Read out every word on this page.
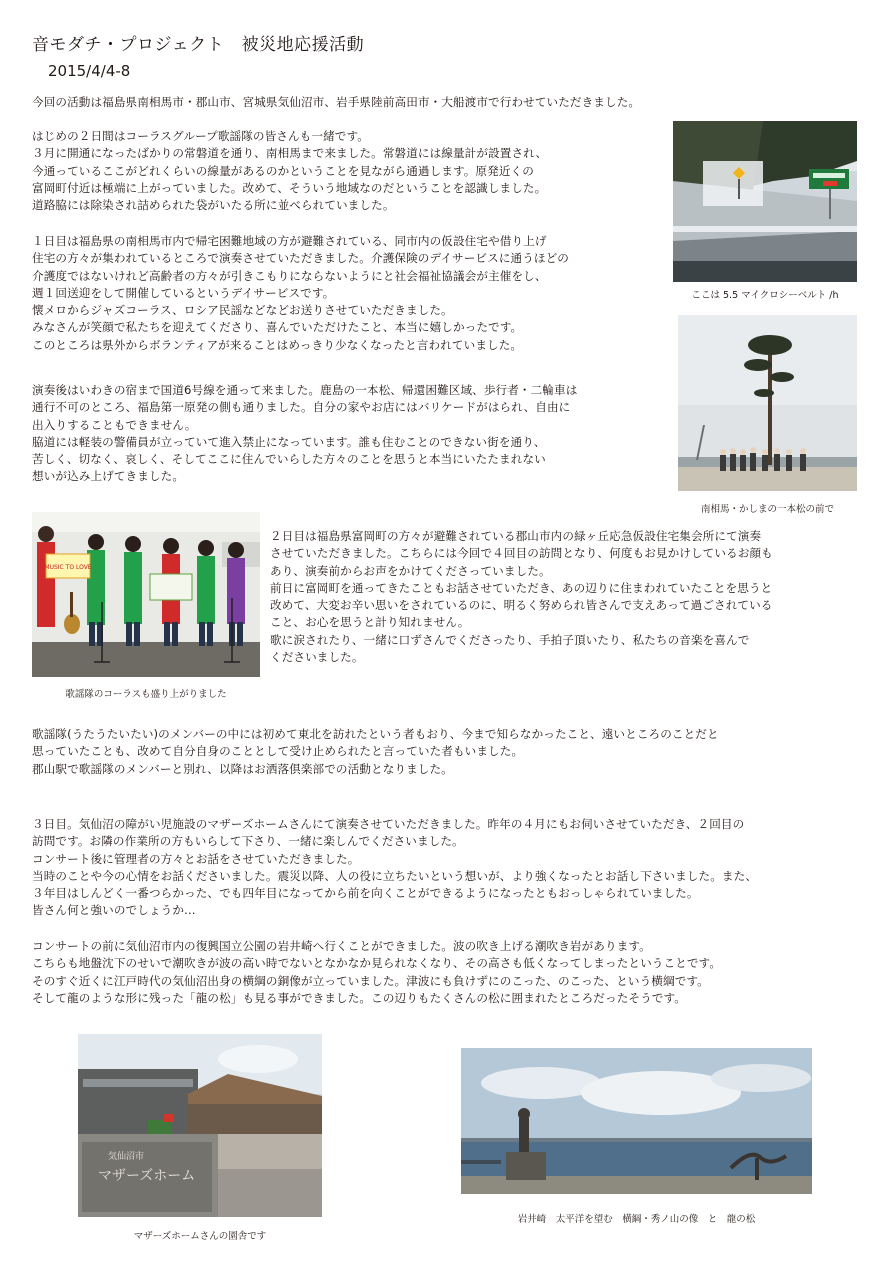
音モダチ・プロジェクト　被災地応援活動
2015/4/4-8
今回の活動は福島県南相馬市・郡山市、宮城県気仙沼市、岩手県陸前高田市・大船渡市で行わせていただきました。
はじめの２日間はコーラスグループ歌謡隊の皆さんも一緒です。
３月に開通になったばかりの常磐道を通り、南相馬まで来ました。常磐道には線量計が設置され、
今通っているここがどれくらいの線量があるのかということを見ながら通過します。原発近くの
富岡町付近は極端に上がっていました。改めて、そういう地域なのだということを認識しました。
道路脇には除染され詰められた袋がいたる所に並べられていました。
１日目は福島県の南相馬市内で帰宅困難地域の方が避難されている、同市内の仮設住宅や借り上げ
住宅の方々が集われているところで演奏させていただきました。介護保険のデイサービスに通うほどの
介護度ではないけれど高齢者の方々が引きこもりにならないようにと社会福祉協議会が主催をし、
週１回送迎をして開催しているというデイサービスです。
懐メロからジャズコーラス、ロシア民謡などなどお送りさせていただきました。
みなさんが笑顔で私たちを迎えてくださり、喜んでいただけたこと、本当に嬉しかったです。
このところは県外からボランティアが来ることはめっきり少なくなったと言われていました。
演奏後はいわきの宿まで国道6号線を通って来ました。鹿島の一本松、帰還困難区域、歩行者・二輪車は
通行不可のところ、福島第一原発の側も通りました。自分の家やお店にはバリケードがはられ、自由に
出入りすることもできません。
脇道には軽装の警備員が立っていて進入禁止になっています。誰も住むことのできない街を通り、
苦しく、切なく、哀しく、そしてここに住んでいらした方々のことを思うと本当にいたたまれない
想いが込み上げてきました。
２日目は福島県富岡町の方々が避難されている郡山市内の緑ヶ丘応急仮設住宅集会所にて演奏
させていただきました。こちらには今回で４回目の訪問となり、何度もお見かけしているお顔も
あり、演奏前からお声をかけてくださっていました。
前日に富岡町を通ってきたこともお話させていただき、あの辺りに住まわれていたことを思うと
改めて、大変お辛い思いをされているのに、明るく努められ皆さんで支えあって過ごされている
こと、お心を思うと計り知れません。
歌に涙されたり、一緒に口ずさんでくださったり、手拍子頂いたり、私たちの音楽を喜んで
くださいました。
歌謡隊(うたうたいたい)のメンバーの中には初めて東北を訪れたという者もおり、今まで知らなかったこと、遠いところのことだと
思っていたことも、改めて自分自身のこととして受け止められたと言っていた者もいました。
郡山駅で歌謡隊のメンバーと別れ、以降はお洒落倶楽部での活動となりました。
３日目。気仙沼の障がい児施設のマザーズホームさんにて演奏させていただきました。昨年の４月にもお伺いさせていただき、２回目の
訪問です。お隣の作業所の方もいらして下さり、一緒に楽しんでくださいました。
コンサート後に管理者の方々とお話をさせていただきました。
当時のことや今の心情をお話くださいました。震災以降、人の役に立ちたいという想いが、より強くなったとお話し下さいました。また、
３年目はしんどく一番つらかった、でも四年目になってから前を向くことができるようになったともおっしゃられていました。
皆さん何と強いのでしょうか…
コンサートの前に気仙沼市内の復興国立公園の岩井崎へ行くことができました。波の吹き上げる潮吹き岩があります。
こちらも地盤沈下のせいで潮吹きが波の高い時でないとなかなか見られなくなり、その高さも低くなってしまったということです。
そのすぐ近くに江戸時代の気仙沼出身の横綱の銅像が立っていました。津波にも負けずにのこった、のこった、という横綱です。
そして龍のような形に残った「龍の松」も見る事ができました。この辺りもたくさんの松に囲まれたところだったそうです。
ここは 5.5 マイクロシーベルト /h
南相馬・かしまの一本松の前で
MUSIC TO LOVE
歌謡隊のコーラスも盛り上がりました
気仙沼市
マザーズホーム
マザーズホームさんの園舎です
岩井崎　太平洋を望む　横綱・秀ノ山の像　と　龍の松
